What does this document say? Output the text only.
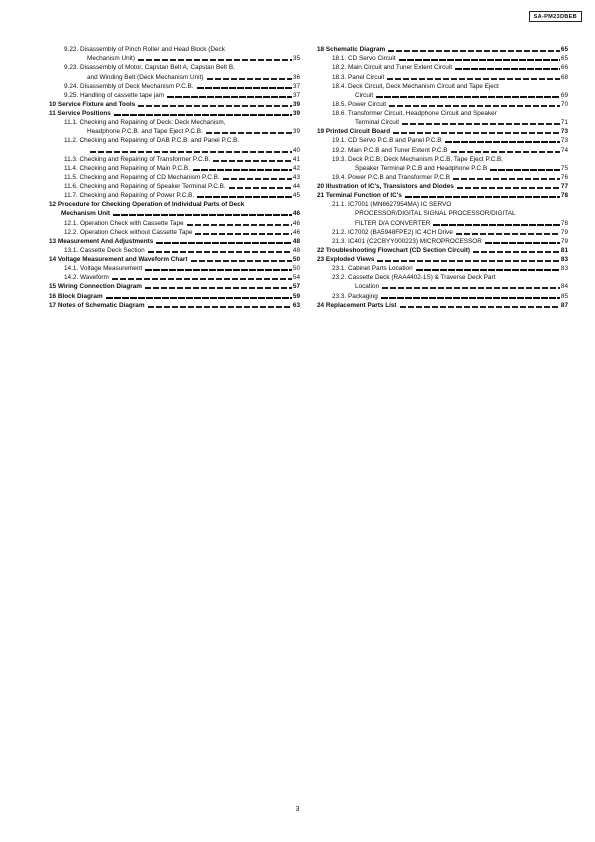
SA-PM23DBEB
9.22. Disassembly of Pinch Roller and Head Block (Deck
Mechanism Unit)	35
9.23. Disassembly of Motor, Capstan Belt A, Capstan Belt B,
and Winding Belt (Deck Mechanism Unit)	36
9.24. Disassembly of Deck Mechanism P.C.B.	37
9.25. Handling of cassette tape jam	37
10 Service Fixture and Tools	39
11 Service Positions	39
11.1. Checking and Repairing of Deck: Deck Mechanism,
Headphone P.C.B. and Tape Eject P.C.B.	39
11.2. Checking and Repairing of DAB P.C.B. and Panel P.C.B.
40
11.3. Checking and Repairing of Transformer P.C.B.	41
11.4. Checking and Repairing of Main P.C.B.	42
11.5. Checking and Repairing of CD Mechanism P.C.B.	43
11.6. Checking and Repairing of Speaker Terminal P.C.B.	44
11.7. Checking and Repairing of Power P.C.B.	45
12 Procedure for Checking Operation of Individual Parts of Deck
Mechanism Unit	46
12.1. Operation Check with Cassette Tape	46
12.2. Operation Check without Cassette Tape	46
13 Measurement And Adjustments	48
13.1. Cassette Deck Section	48
14 Voltage Measurement and Waveform Chart	50
14.1. Voltage Measurement	50
14.2. Waveform	54
15 Wiring Connection Diagram	57
16 Block Diagram	59
17 Notes of Schematic Diagram	63
18 Schematic Diagram	65
18.1. CD Servo Circuit	65
18.2. Main Circuit and Tuner Extent Circuit	66
18.3. Panel Circuit	68
18.4. Deck Circuit, Deck Mechanism Circuit and Tape Eject
Circuit	69
18.5. Power Circuit	70
18.6. Transformer Circuit, Headphone Circuit and Speaker
Terminal Circuit	71
19 Printed Circuit Board	73
19.1. CD Servo P.C.B and Panel P.C.B	73
19.2. Main P.C.B and Tuner Extent P.C.B	74
19.3. Deck P.C.B, Deck Mechanism P.C.B, Tape Eject P.C.B,
Speaker Terminal P.C.B and Headphone P.C.B	75
19.4. Power P.C.B and Transformer P.C.B	76
20 Illustration of IC's, Transistors and Diodes	77
21 Terminal Function of IC's	78
21.1. IC7001 (MN6627954MA) IC SERVO
PROCESSOR/DIGITAL SIGNAL PROCESSOR/DIGITAL
FILTER D/A CONVERTER	78
21.2. IC7002 (BA5948FPE2) IC 4CH Drive	79
21.3. IC401 (C2CBYY000223) MICROPROCESSOR	79
22 Troubleshooting Flowchart (CD Section Circuit)	81
23 Exploded Views	83
23.1. Cabinet Parts Location	83
23.2. Cassette Deck (RAA4402-1S) & Traverse Deck Part
Location	84
23.3. Packaging	85
24 Replacement Parts List	87
3
